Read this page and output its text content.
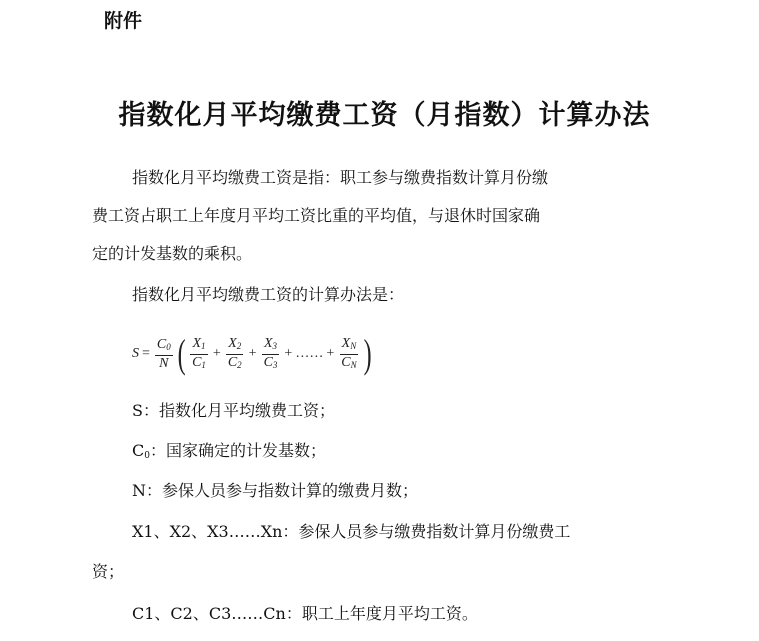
附件
指数化月平均缴费工资（月指数）计算办法
指数化月平均缴费工资是指：职工参与缴费指数计算月份缴
费工资占职工上年度月平均工资比重的平均值，与退休时国家确
定的计发基数的乘积。
指数化月平均缴费工资的计算办法是：
$S = \frac{C_0}{N}$ ( $\frac{X_1}{C_1} + \frac{X_2}{C_2} + \frac{X_3}{C_3}$ + …… + $\frac{X_N}{C_N}$ )
S：指数化月平均缴费工资；
$C_0$：国家确定的计发基数；
N：参保人员参与指数计算的缴费月数；
X1、X2、X3……Xn：参保人员参与缴费指数计算月份缴费工
资；
C1、C2、C3……Cn：职工上年度月平均工资。
